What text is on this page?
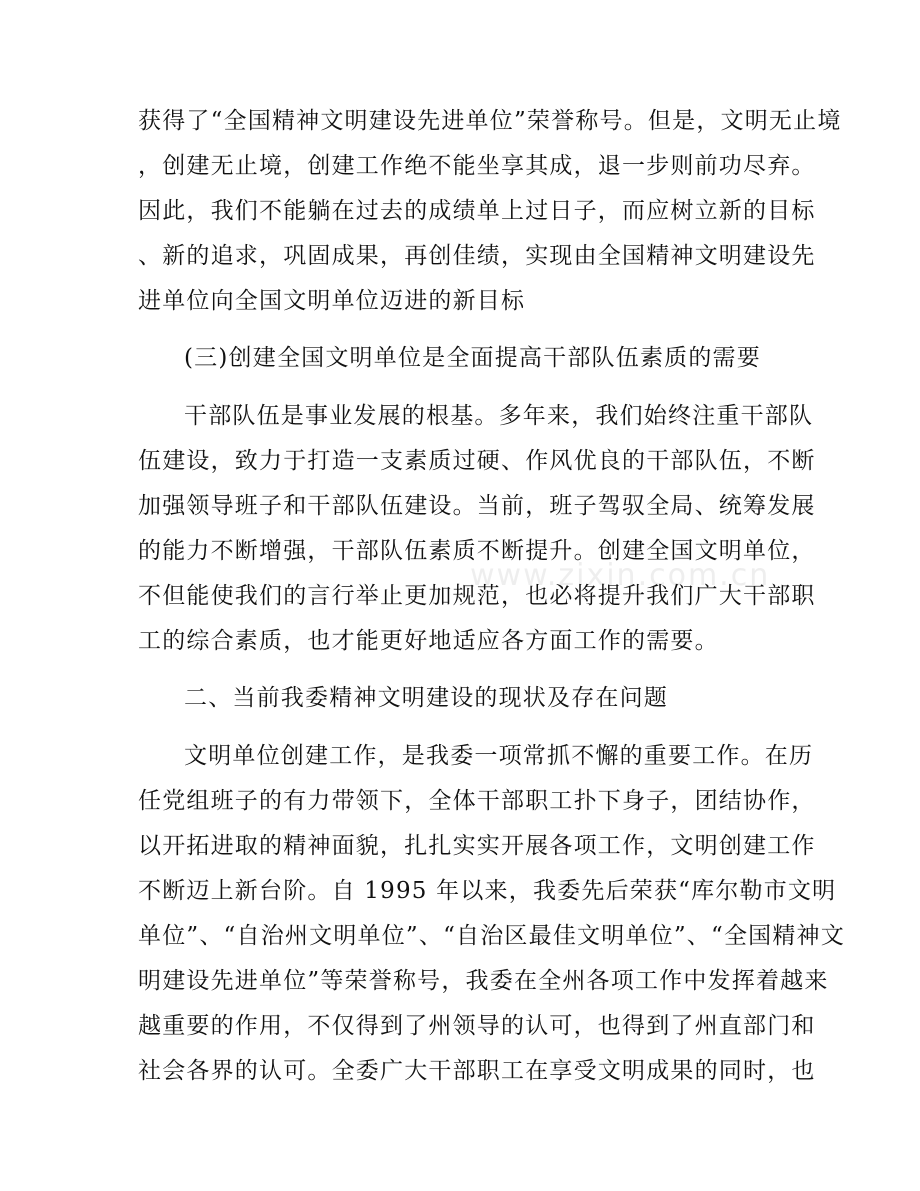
www.zixin.com.cn
获得了“全国精神文明建设先进单位”荣誉称号。但是，文明无止境
，创建无止境，创建工作绝不能坐享其成，退一步则前功尽弃。
因此，我们不能躺在过去的成绩单上过日子，而应树立新的目标
、新的追求，巩固成果，再创佳绩，实现由全国精神文明建设先
进单位向全国文明单位迈进的新目标
(三)创建全国文明单位是全面提高干部队伍素质的需要
干部队伍是事业发展的根基。多年来，我们始终注重干部队
伍建设，致力于打造一支素质过硬、作风优良的干部队伍，不断
加强领导班子和干部队伍建设。当前，班子驾驭全局、统筹发展
的能力不断增强，干部队伍素质不断提升。创建全国文明单位，
不但能使我们的言行举止更加规范，也必将提升我们广大干部职
工的综合素质，也才能更好地适应各方面工作的需要。
二、当前我委精神文明建设的现状及存在问题
文明单位创建工作，是我委一项常抓不懈的重要工作。在历
任党组班子的有力带领下，全体干部职工扑下身子，团结协作，
以开拓进取的精神面貌，扎扎实实开展各项工作，文明创建工作
不断迈上新台阶。自 1995 年以来，我委先后荣获“库尔勒市文明
单位”、“自治州文明单位”、“自治区最佳文明单位”、“全国精神文
明建设先进单位”等荣誉称号，我委在全州各项工作中发挥着越来
越重要的作用，不仅得到了州领导的认可，也得到了州直部门和
社会各界的认可。全委广大干部职工在享受文明成果的同时，也
